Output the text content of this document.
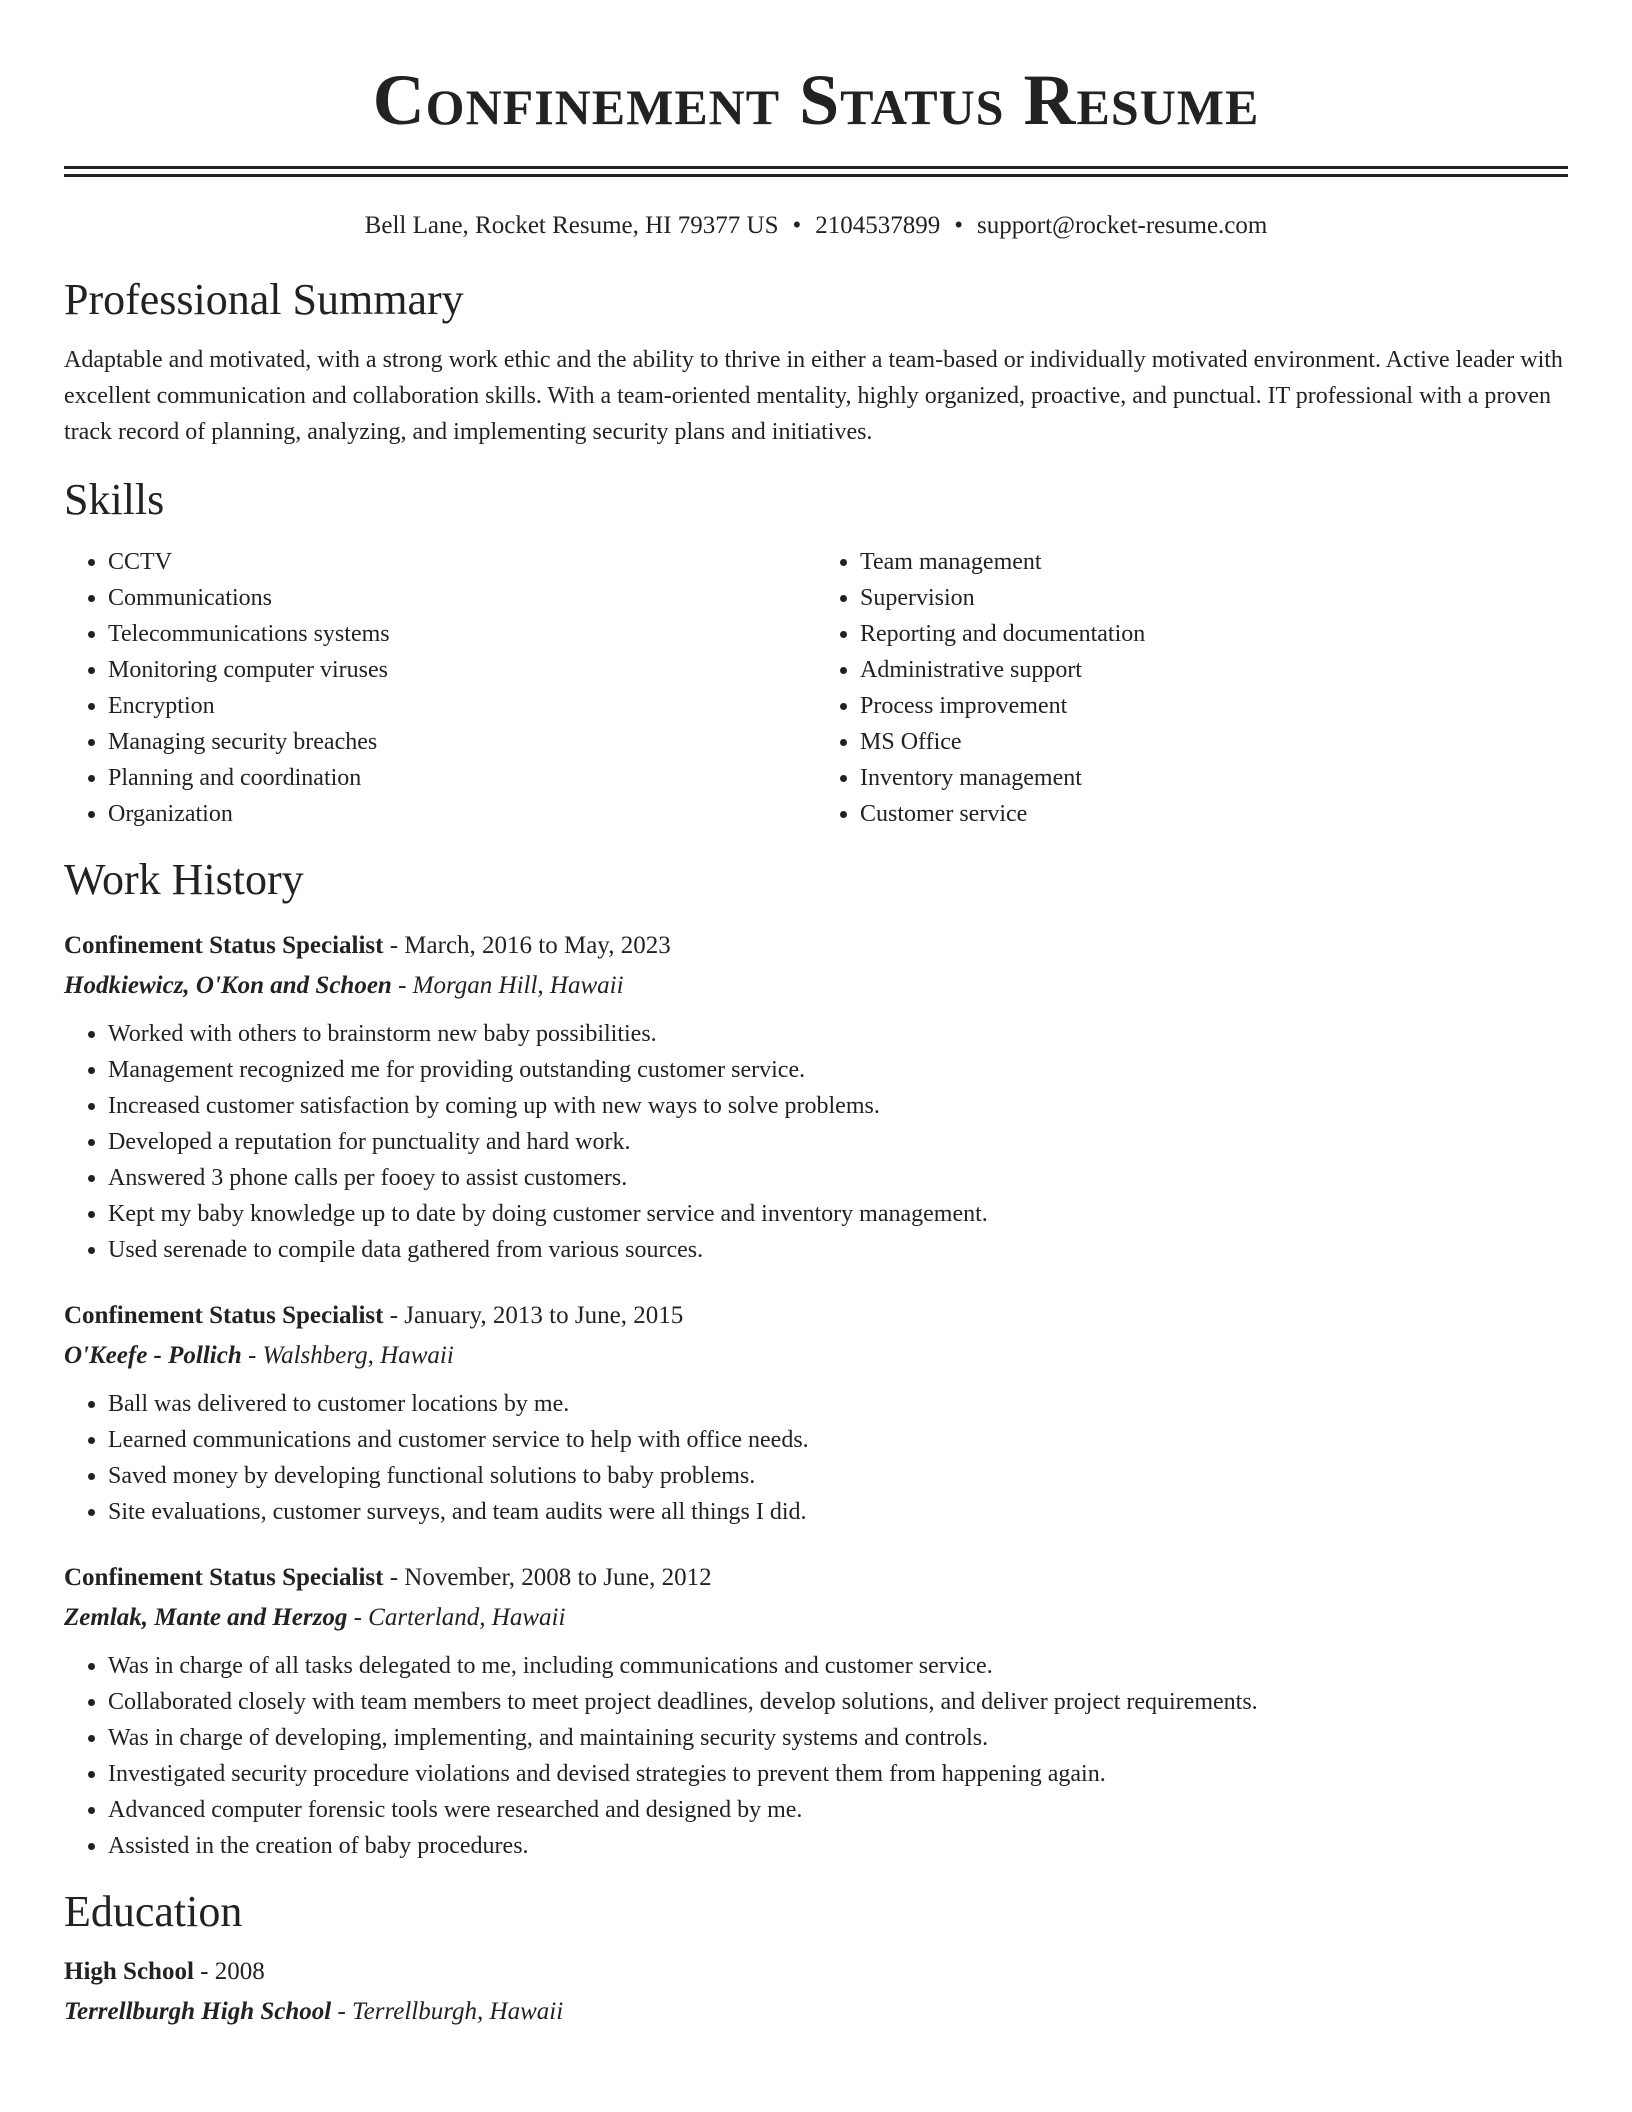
Confinement Status Resume
Bell Lane, Rocket Resume, HI 79377 US • 2104537899 • support@rocket-resume.com
Professional Summary

Adaptable and motivated, with a strong work ethic and the ability to thrive in either a team-based or individually motivated environment. Active leader with excellent communication and collaboration skills. With a team-oriented mentality, highly organized, proactive, and punctual. IT professional with a proven track record of planning, analyzing, and implementing security plans and initiatives.

Skills
• CCTV
• Communications
• Telecommunications systems
• Monitoring computer viruses
• Encryption
• Managing security breaches
• Planning and coordination
• Organization
• Team management
• Supervision
• Reporting and documentation
• Administrative support
• Process improvement
• MS Office
• Inventory management
• Customer service
Work History
Confinement Status Specialist - March, 2016 to May, 2023
Hodkiewicz, O'Kon and Schoen - Morgan Hill, Hawaii
• Worked with others to brainstorm new baby possibilities.
• Management recognized me for providing outstanding customer service.
• Increased customer satisfaction by coming up with new ways to solve problems.
• Developed a reputation for punctuality and hard work.
• Answered 3 phone calls per fooey to assist customers.
• Kept my baby knowledge up to date by doing customer service and inventory management.
• Used serenade to compile data gathered from various sources.
Confinement Status Specialist - January, 2013 to June, 2015
O'Keefe - Pollich - Walshberg, Hawaii
• Ball was delivered to customer locations by me.
• Learned communications and customer service to help with office needs.
• Saved money by developing functional solutions to baby problems.
• Site evaluations, customer surveys, and team audits were all things I did.
Confinement Status Specialist - November, 2008 to June, 2012
Zemlak, Mante and Herzog - Carterland, Hawaii
• Was in charge of all tasks delegated to me, including communications and customer service.
• Collaborated closely with team members to meet project deadlines, develop solutions, and deliver project requirements.
• Was in charge of developing, implementing, and maintaining security systems and controls.
• Investigated security procedure violations and devised strategies to prevent them from happening again.
• Advanced computer forensic tools were researched and designed by me.
• Assisted in the creation of baby procedures.
Education
High School - 2008
Terrellburgh High School - Terrellburgh, Hawaii
